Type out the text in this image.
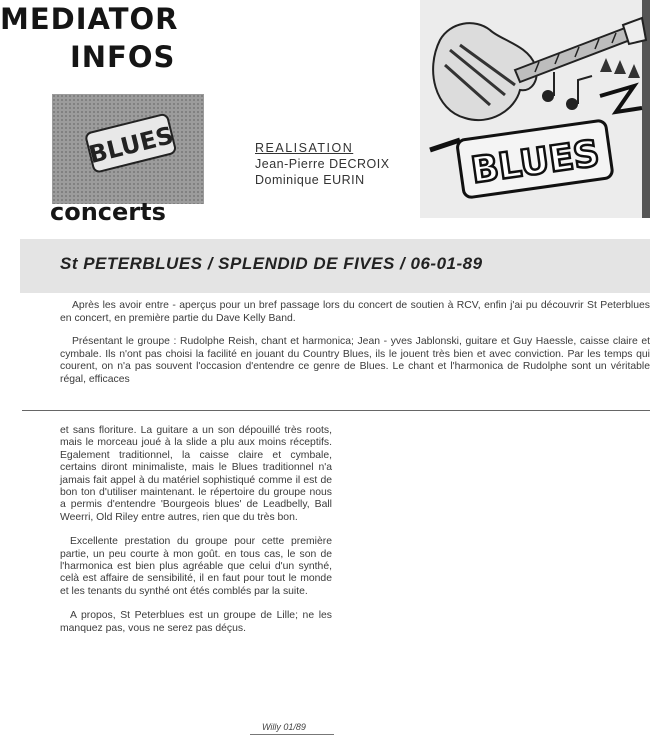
MEDIATOR
INFOS
BLUES
concerts
REALISATION
Jean-Pierre DECROIX
Dominique EURIN	BLUES
St PETERBLUES / SPLENDID DE FIVES / 06-01-89

Après les avoir entre - aperçus pour un bref passage lors du concert de soutien à RCV, enfin j'ai pu découvrir St Peterblues en concert, en première partie du Dave Kelly Band.

Présentant le groupe : Rudolphe Reish, chant et harmonica; Jean - yves Jablonski, guitare et Guy Haessle, caisse claire et cymbale. Ils n'ont pas choisi la facilité en jouant du Country Blues, ils le jouent très bien et avec conviction. Par les temps qui courent, on n'a pas souvent l'occasion d'entendre ce genre de Blues. Le chant et l'harmonica de Rudolphe sont un véritable régal, efficaces

et sans floriture. La guitare a un son dépouillé très roots, mais le morceau joué à la slide a plu aux moins réceptifs. Egalement traditionnel, la caisse claire et cymbale, certains diront minimaliste, mais le Blues traditionnel n'a jamais fait appel à du matériel sophistiqué comme il est de bon ton d'utiliser maintenant. le répertoire du groupe nous a permis d'entendre 'Bourgeois blues' de Leadbelly, Ball Weerri, Old Riley entre autres, rien que du très bon.

Excellente prestation du groupe pour cette première partie, un peu courte à mon goût. en tous cas, le son de l'harmonica est bien plus agréable que celui d'un synthé, celà est affaire de sensibilité, il en faut pour tout le monde et les tenants du synthé ont étés comblés par la suite.

A propos, St Peterblues est un groupe de Lille; ne les manquez pas, vous ne serez pas déçus.

Willy 01/89
